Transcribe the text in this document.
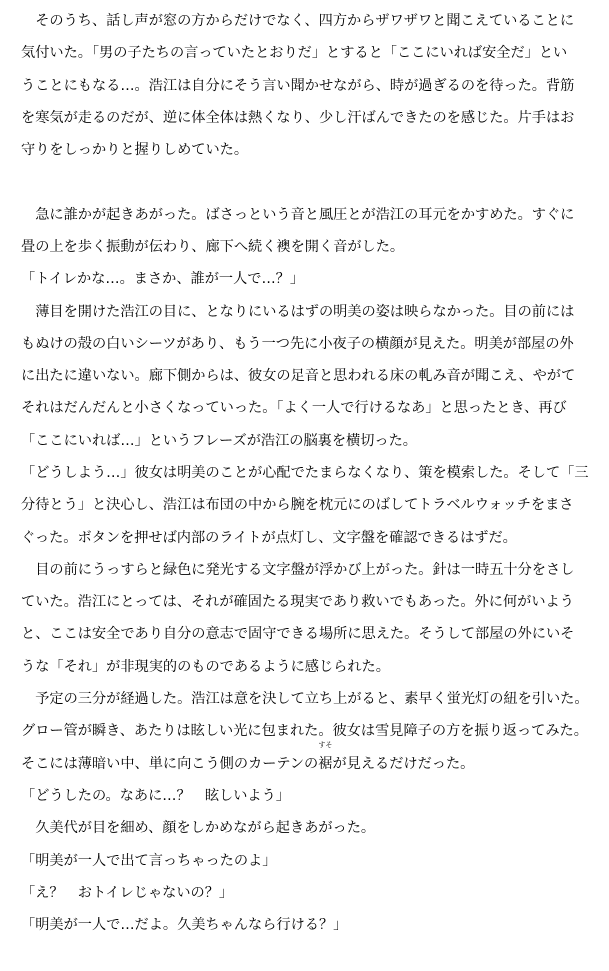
　そのうち、話し声が窓の方からだけでなく、四方からザワザワと聞こえていることに
気付いた。「男の子たちの言っていたとおりだ」とすると「ここにいれば安全だ」とい
うことにもなる…。浩江は自分にそう言い聞かせながら、時が過ぎるのを待った。背筋
を寒気が走るのだが、逆に体全体は熱くなり、少し汗ばんできたのを感じた。片手はお
守りをしっかりと握りしめていた。
　急に誰かが起きあがった。ばさっという音と風圧とが浩江の耳元をかすめた。すぐに
畳の上を歩く振動が伝わり、廊下へ続く襖を開く音がした。
「トイレかな…。まさか、誰が一人で…？」
　薄目を開けた浩江の目に、となりにいるはずの明美の姿は映らなかった。目の前には
もぬけの殻の白いシーツがあり、もう一つ先に小夜子の横顔が見えた。明美が部屋の外
に出たに違いない。廊下側からは、彼女の足音と思われる床の軋み音が聞こえ、やがて
それはだんだんと小さくなっていった。「よく一人で行けるなあ」と思ったとき、再び
「ここにいれば…」というフレーズが浩江の脳裏を横切った。
「どうしよう…」彼女は明美のことが心配でたまらなくなり、策を模索した。そして「三
分待とう」と決心し、浩江は布団の中から腕を枕元にのばしてトラベルウォッチをまさ
ぐった。ボタンを押せば内部のライトが点灯し、文字盤を確認できるはずだ。
　目の前にうっすらと緑色に発光する文字盤が浮かび上がった。針は一時五十分をさし
ていた。浩江にとっては、それが確固たる現実であり救いでもあった。外に何がいよう
と、ここは安全であり自分の意志で固守できる場所に思えた。そうして部屋の外にいそ
うな「それ」が非現実的のものであるように感じられた。
　予定の三分が経過した。浩江は意を決して立ち上がると、素早く蛍光灯の紐を引いた。
グロー管が瞬き、あたりは眩しい光に包まれた。彼女は雪見障子の方を振り返ってみた。
そこには薄暗い中、単に向こう側のカーテンの
すそ
裾が見えるだけだった。
「どうしたの。なあに…？　眩しいよう」
　久美代が目を細め、顔をしかめながら起きあがった。
「明美が一人で出て言っちゃったのよ」
「え？　おトイレじゃないの？」
「明美が一人で…だよ。久美ちゃんなら行ける？」
